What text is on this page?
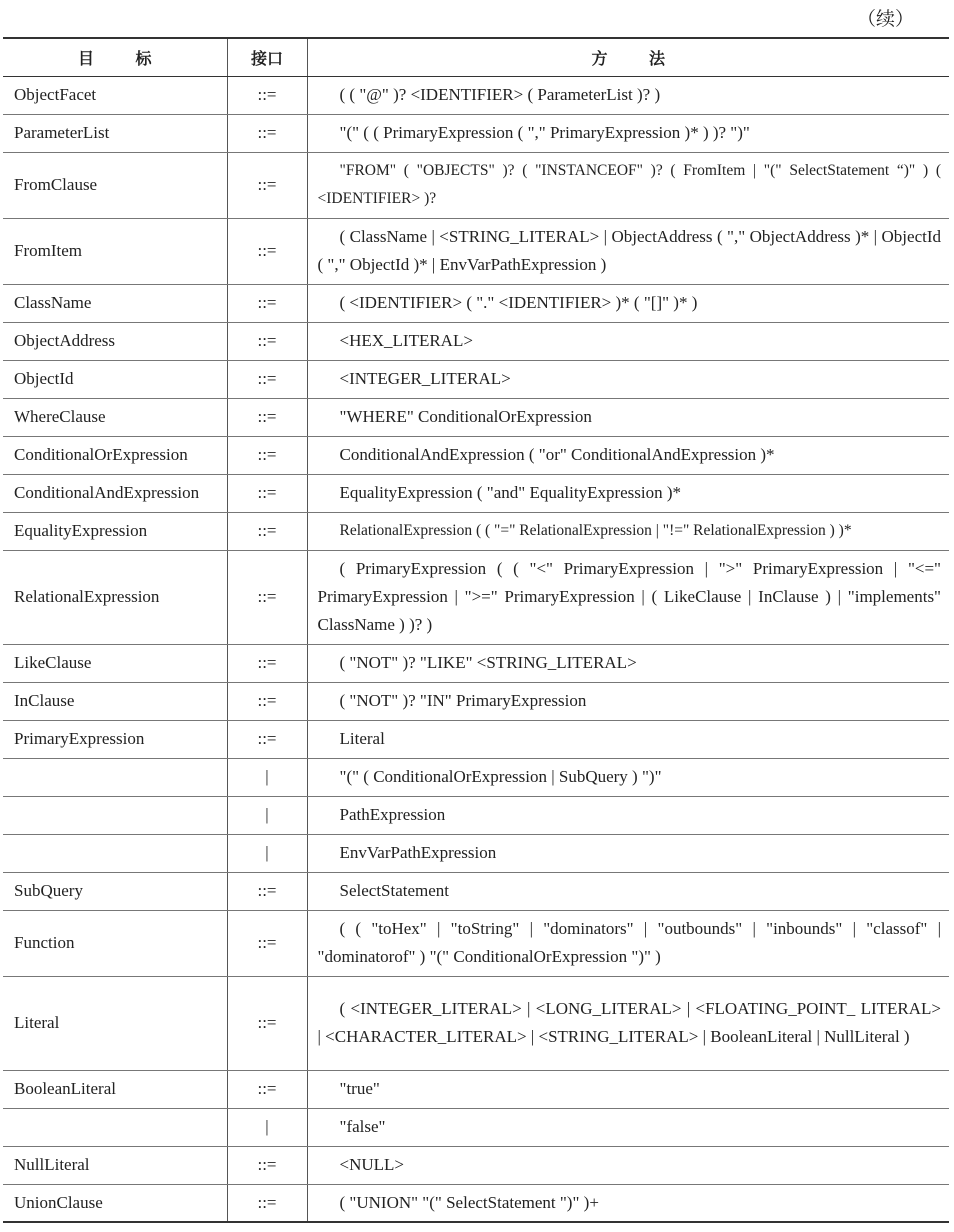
（续）
目标	接口	方法
ObjectFacet	::=	( ( "@" )? <IDENTIFIER> ( ParameterList )? )
ParameterList	::=	"(" ( ( PrimaryExpression ( "," PrimaryExpression )* ) )? ")"
FromClause	::=	"FROM" ( "OBJECTS" )? ( "INSTANCEOF" )? ( FromItem | "(" SelectStatement “)" ) ( <IDENTIFIER> )?
FromItem	::=	( ClassName | <STRING_LITERAL> | ObjectAddress ( "," ObjectAddress )* | ObjectId ( "," ObjectId )* | EnvVarPathExpression )
ClassName	::=	( <IDENTIFIER> ( "." <IDENTIFIER> )* ( "[]" )* )
ObjectAddress	::=	<HEX_LITERAL>
ObjectId	::=	<INTEGER_LITERAL>
WhereClause	::=	"WHERE" ConditionalOrExpression
ConditionalOrExpression	::=	ConditionalAndExpression ( "or" ConditionalAndExpression )*
ConditionalAndExpression	::=	EqualityExpression ( "and" EqualityExpression )*
EqualityExpression	::=	RelationalExpression ( ( "=" RelationalExpression | "!=" RelationalExpression ) )*
RelationalExpression	::=	( PrimaryExpression ( ( "<" PrimaryExpression | ">" PrimaryExpression | "<=" PrimaryExpression | ">=" PrimaryExpression | ( LikeClause | InClause ) | "implements" ClassName ) )? )
LikeClause	::=	( "NOT" )? "LIKE" <STRING_LITERAL>
InClause	::=	( "NOT" )? "IN" PrimaryExpression
PrimaryExpression	::=	Literal
	|	"(" ( ConditionalOrExpression | SubQuery ) ")"
	|	PathExpression
	|	EnvVarPathExpression
SubQuery	::=	SelectStatement
Function	::=	( ( "toHex" | "toString" | "dominators" | "outbounds" | "inbounds" | "classof" | "dominatorof" ) "(" ConditionalOrExpression ")" )
Literal	::=	( <INTEGER_LITERAL> | <LONG_LITERAL> | <FLOATING_POINT_ LITERAL> | <CHARACTER_LITERAL> | <STRING_LITERAL> | BooleanLiteral | NullLiteral )
BooleanLiteral	::=	"true"
	|	"false"
NullLiteral	::=	<NULL>
UnionClause	::=	( "UNION" "(" SelectStatement ")" )+
